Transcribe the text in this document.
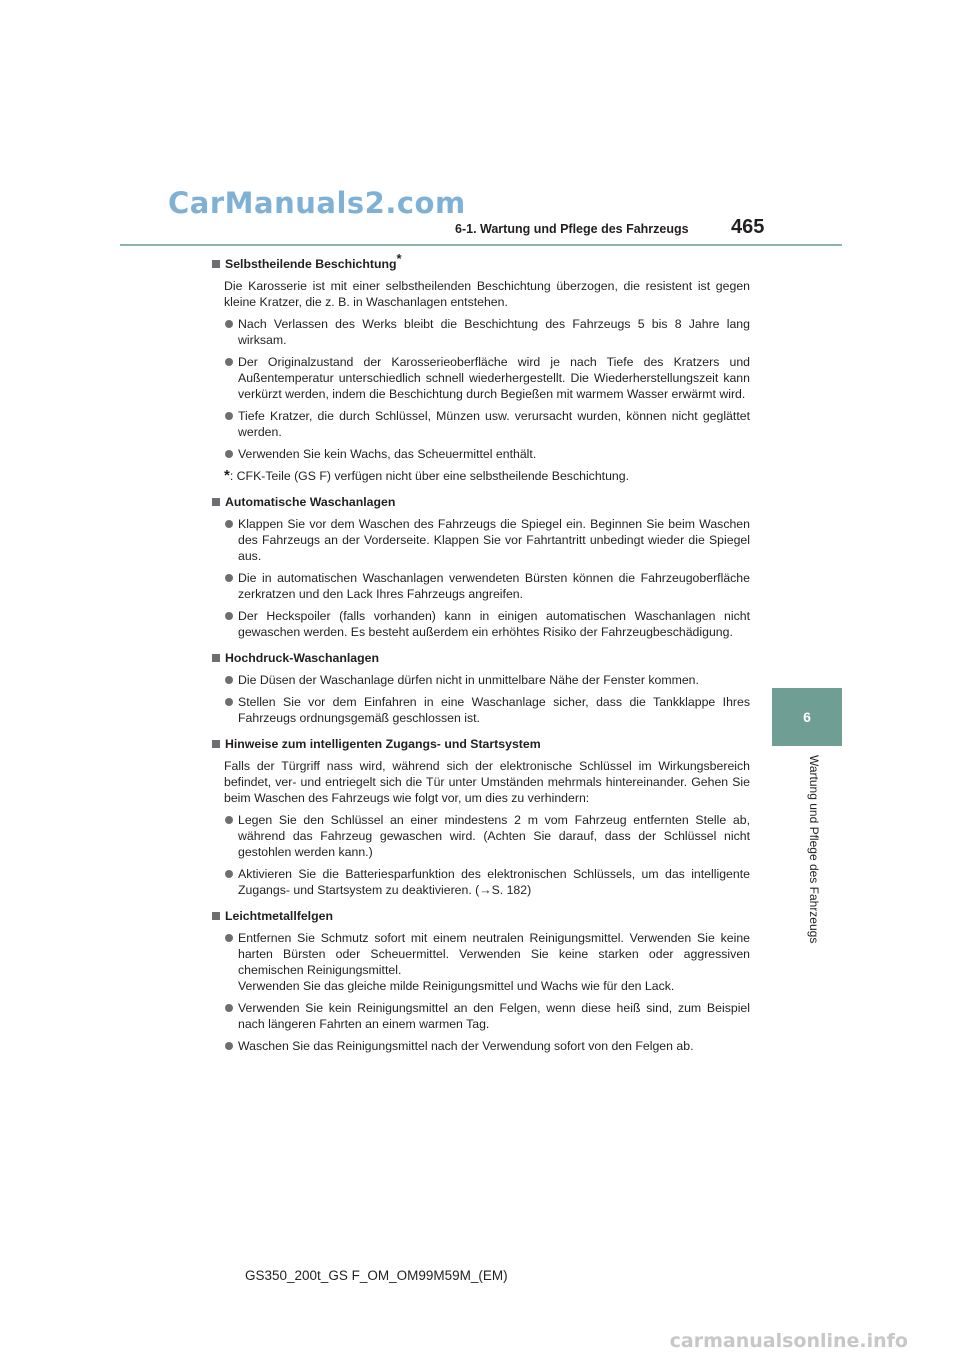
CarManuals2.com
6-1. Wartung und Pflege des Fahrzeugs 465
6
Wartung und Pflege des Fahrzeugs
Selbstheilende Beschichtung*
Die Karosserie ist mit einer selbstheilenden Beschichtung überzogen, die resistent ist gegen kleine Kratzer, die z. B. in Waschanlagen entstehen.
Nach Verlassen des Werks bleibt die Beschichtung des Fahrzeugs 5 bis 8 Jahre lang wirksam.
Der Originalzustand der Karosserieoberfläche wird je nach Tiefe des Kratzers und Außentemperatur unterschiedlich schnell wiederhergestellt. Die Wiederherstellungszeit kann verkürzt werden, indem die Beschichtung durch Begießen mit warmem Wasser erwärmt wird.
Tiefe Kratzer, die durch Schlüssel, Münzen usw. verursacht wurden, können nicht geglättet werden.
Verwenden Sie kein Wachs, das Scheuermittel enthält.
*: CFK-Teile (GS F) verfügen nicht über eine selbstheilende Beschichtung.
Automatische Waschanlagen
Klappen Sie vor dem Waschen des Fahrzeugs die Spiegel ein. Beginnen Sie beim Waschen des Fahrzeugs an der Vorderseite. Klappen Sie vor Fahrtantritt unbedingt wieder die Spiegel aus.
Die in automatischen Waschanlagen verwendeten Bürsten können die Fahrzeugoberfläche zerkratzen und den Lack Ihres Fahrzeugs angreifen.
Der Heckspoiler (falls vorhanden) kann in einigen automatischen Waschanlagen nicht gewaschen werden. Es besteht außerdem ein erhöhtes Risiko der Fahrzeugbeschädigung.
Hochdruck-Waschanlagen
Die Düsen der Waschanlage dürfen nicht in unmittelbare Nähe der Fenster kommen.
Stellen Sie vor dem Einfahren in eine Waschanlage sicher, dass die Tankklappe Ihres Fahrzeugs ordnungsgemäß geschlossen ist.
Hinweise zum intelligenten Zugangs- und Startsystem
Falls der Türgriff nass wird, während sich der elektronische Schlüssel im Wirkungsbereich befindet, ver- und entriegelt sich die Tür unter Umständen mehrmals hintereinander. Gehen Sie beim Waschen des Fahrzeugs wie folgt vor, um dies zu verhindern:
Legen Sie den Schlüssel an einer mindestens 2 m vom Fahrzeug entfernten Stelle ab, während das Fahrzeug gewaschen wird. (Achten Sie darauf, dass der Schlüssel nicht gestohlen werden kann.)
Aktivieren Sie die Batteriesparfunktion des elektronischen Schlüssels, um das intelligente Zugangs- und Startsystem zu deaktivieren. (→S. 182)
Leichtmetallfelgen
Entfernen Sie Schmutz sofort mit einem neutralen Reinigungsmittel. Verwenden Sie keine harten Bürsten oder Scheuermittel. Verwenden Sie keine starken oder aggressiven chemischen Reinigungsmittel.
Verwenden Sie das gleiche milde Reinigungsmittel und Wachs wie für den Lack.
Verwenden Sie kein Reinigungsmittel an den Felgen, wenn diese heiß sind, zum Beispiel nach längeren Fahrten an einem warmen Tag.
Waschen Sie das Reinigungsmittel nach der Verwendung sofort von den Felgen ab.
GS350_200t_GS F_OM_OM99M59M_(EM)
carmanualsonline.info
